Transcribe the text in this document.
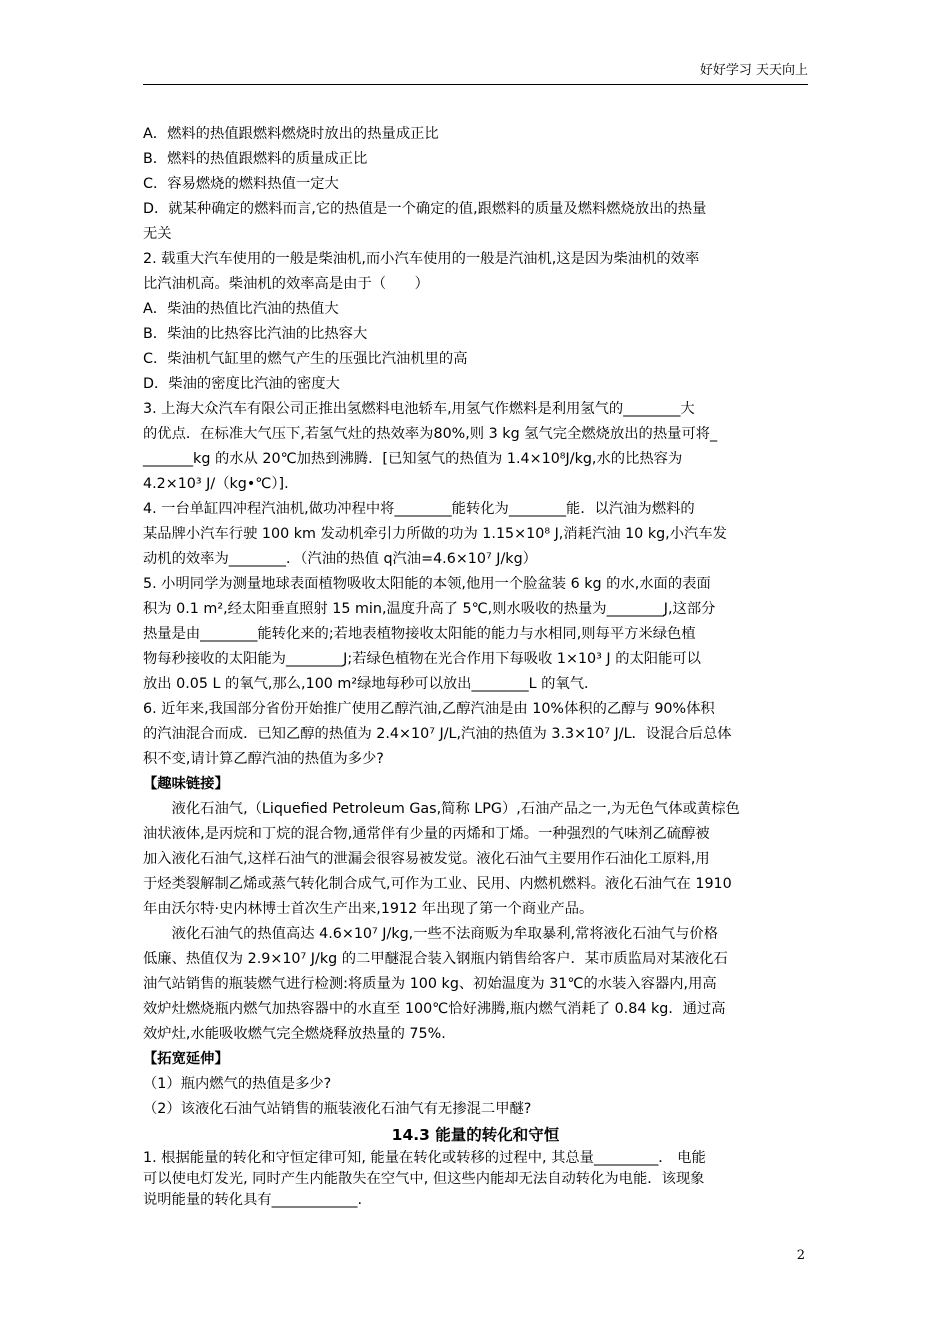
好好学习 天天向上

A．燃料的热值跟燃料燃烧时放出的热量成正比

B．燃料的热值跟燃料的质量成正比

C．容易燃烧的燃料热值一定大

D．就某种确定的燃料而言,它的热值是一个确定的值,跟燃料的质量及燃料燃烧放出的热量

无关

2. 载重大汽车使用的一般是柴油机,而小汽车使用的一般是汽油机,这是因为柴油机的效率

比汽油机高。柴油机的效率高是由于（　　）

A．柴油的热值比汽油的热值大

B．柴油的比热容比汽油的比热容大

C．柴油机气缸里的燃气产生的压强比汽油机里的高

D．柴油的密度比汽油的密度大

3. 上海大众汽车有限公司正推出氢燃料电池轿车,用氢气作燃料是利用氢气的________大

的优点．在标准大气压下,若氢气灶的热效率为80%,则 3 kg 氢气完全燃烧放出的热量可将_

_______kg 的水从 20℃加热到沸腾．[已知氢气的热值为 1.4×10⁸J/kg,水的比热容为

4.2×10³ J/（kg•℃）].

4. 一台单缸四冲程汽油机,做功冲程中将________能转化为________能．以汽油为燃料的

某品牌小汽车行驶 100 km 发动机牵引力所做的功为 1.15×10⁸ J,消耗汽油 10 kg,小汽车发

动机的效率为________．（汽油的热值 q汽油=4.6×10⁷ J/kg）

5. 小明同学为测量地球表面植物吸收太阳能的本领,他用一个脸盆装 6 kg 的水,水面的表面

积为 0.1 m²,经太阳垂直照射 15 min,温度升高了 5℃,则水吸收的热量为________J,这部分

热量是由________能转化来的;若地表植物接收太阳能的能力与水相同,则每平方米绿色植

物每秒接收的太阳能为________J;若绿色植物在光合作用下每吸收 1×10³ J 的太阳能可以

放出 0.05 L 的氧气,那么,100 m²绿地每秒可以放出________L 的氧气．

6. 近年来,我国部分省份开始推广使用乙醇汽油,乙醇汽油是由 10%体积的乙醇与 90%体积

的汽油混合而成．已知乙醇的热值为 2.4×10⁷ J/L,汽油的热值为 3.3×10⁷ J/L．设混合后总体

积不变,请计算乙醇汽油的热值为多少?

【趣味链接】

液化石油气,（Liquefied Petroleum Gas,简称 LPG）,石油产品之一,为无色气体或黄棕色

油状液体,是丙烷和丁烷的混合物,通常伴有少量的丙烯和丁烯。一种强烈的气味剂乙硫醇被

加入液化石油气,这样石油气的泄漏会很容易被发觉。液化石油气主要用作石油化工原料,用

于烃类裂解制乙烯或蒸气转化制合成气,可作为工业、民用、内燃机燃料。液化石油气在 1910

年由沃尔特·史内林博士首次生产出来,1912 年出现了第一个商业产品。

液化石油气的热值高达 4.6×10⁷ J/kg,一些不法商贩为牟取暴利,常将液化石油气与价格

低廉、热值仅为 2.9×10⁷ J/kg 的二甲醚混合装入钢瓶内销售给客户．某市质监局对某液化石

油气站销售的瓶装燃气进行检测:将质量为 100 kg、初始温度为 31℃的水装入容器内,用高

效炉灶燃烧瓶内燃气加热容器中的水直至 100℃恰好沸腾,瓶内燃气消耗了 0.84 kg．通过高

效炉灶,水能吸收燃气完全燃烧释放热量的 75%.

【拓宽延伸】

（1）瓶内燃气的热值是多少?

（2）该液化石油气站销售的瓶装液化石油气有无掺混二甲醚?

14.3 能量的转化和守恒

1. 根据能量的转化和守恒定律可知, 能量在转化或转移的过程中, 其总量_________． 电能

可以使电灯发光, 同时产生内能散失在空气中, 但这些内能却无法自动转化为电能．该现象

说明能量的转化具有____________.

2
